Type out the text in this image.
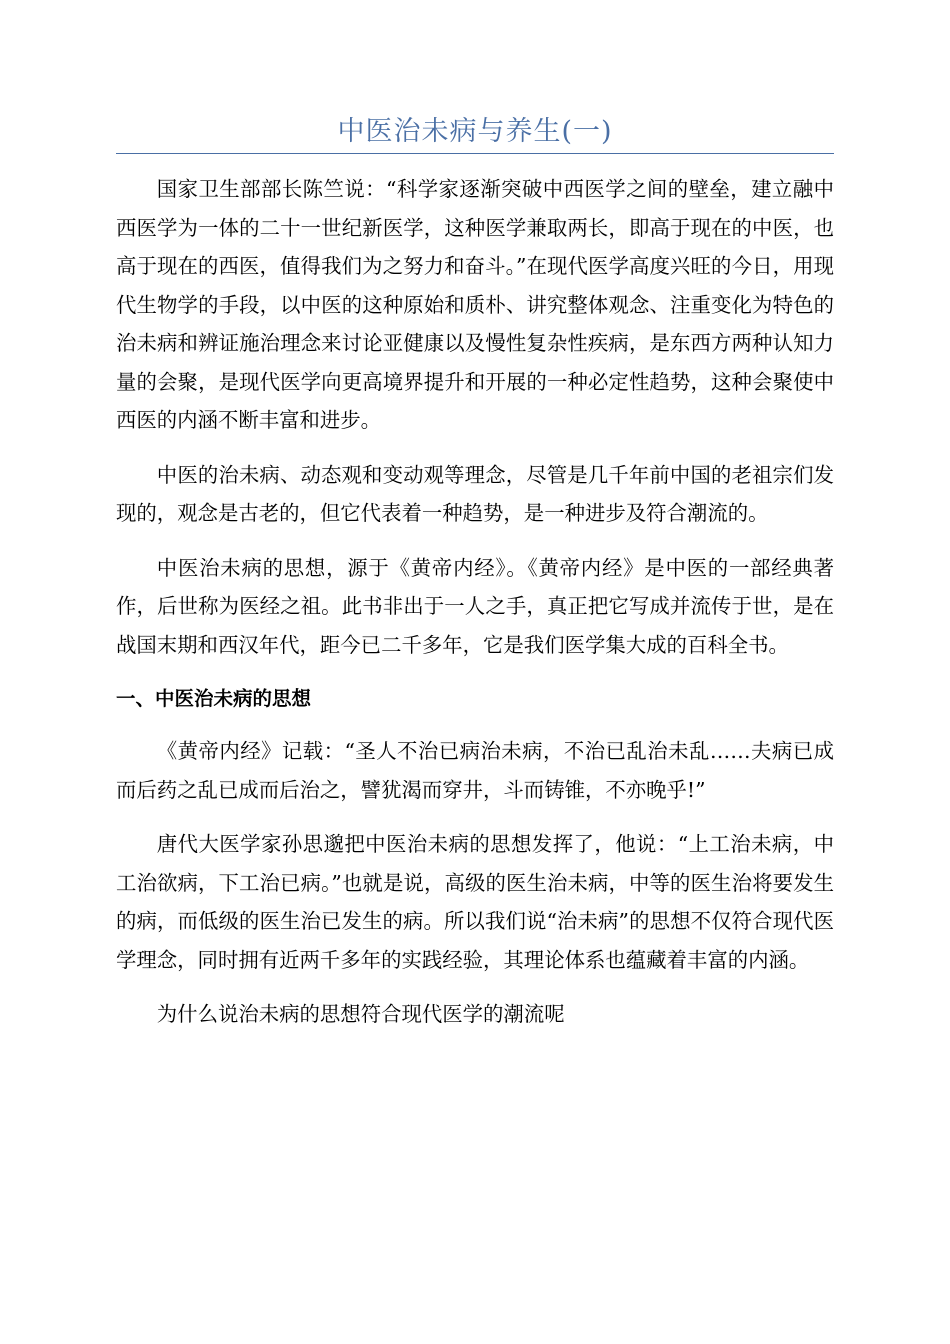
中医治未病与养生(一)

国家卫生部部长陈竺说：“科学家逐渐突破中西医学之间的壁垒，建立融中西医学为一体的二十一世纪新医学，这种医学兼取两长，即高于现在的中医，也高于现在的西医，值得我们为之努力和奋斗。”在现代医学高度兴旺的今日，用现代生物学的手段，以中医的这种原始和质朴、讲究整体观念、注重变化为特色的治未病和辨证施治理念来讨论亚健康以及慢性复杂性疾病，是东西方两种认知力量的会聚，是现代医学向更高境界提升和开展的一种必定性趋势，这种会聚使中西医的内涵不断丰富和进步。

中医的治未病、动态观和变动观等理念，尽管是几千年前中国的老祖宗们发现的，观念是古老的，但它代表着一种趋势，是一种进步及符合潮流的。

中医治未病的思想，源于《黄帝内经》。《黄帝内经》是中医的一部经典著作，后世称为医经之祖。此书非出于一人之手，真正把它写成并流传于世，是在战国末期和西汉年代，距今已二千多年，它是我们医学集大成的百科全书。

一、中医治未病的思想

《黄帝内经》记载：“圣人不治已病治未病，不治已乱治未乱……夫病已成而后药之乱已成而后治之，譬犹渴而穿井，斗而铸锥，不亦晚乎!”

唐代大医学家孙思邈把中医治未病的思想发挥了，他说：“上工治未病，中工治欲病，下工治已病。”也就是说，高级的医生治未病，中等的医生治将要发生的病，而低级的医生治已发生的病。所以我们说“治未病”的思想不仅符合现代医学理念，同时拥有近两千多年的实践经验，其理论体系也蕴藏着丰富的内涵。

为什么说治未病的思想符合现代医学的潮流呢
